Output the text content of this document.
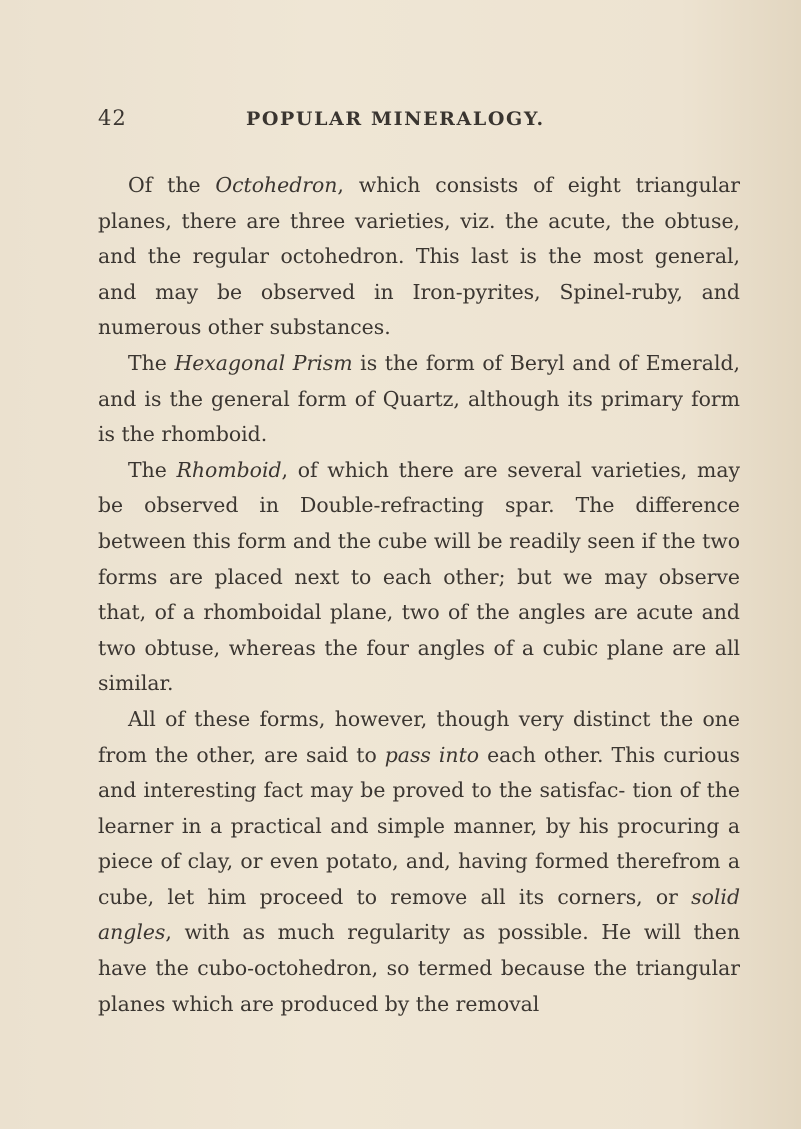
42	POPULAR MINERALOGY.

Of the Octohedron, which consists of eight triangular planes, there are three varieties, viz. the acute, the obtuse, and the regular octohedron. This last is the most general, and may be observed in Iron-pyrites, Spinel-ruby, and numerous other substances.

The Hexagonal Prism is the form of Beryl and of Emerald, and is the general form of Quartz, although its primary form is the rhomboid.

The Rhomboid, of which there are several varieties, may be observed in Double-refracting spar. The difference between this form and the cube will be readily seen if the two forms are placed next to each other; but we may observe that, of a rhomboidal plane, two of the angles are acute and two obtuse, whereas the four angles of a cubic plane are all similar.

All of these forms, however, though very distinct the one from the other, are said to pass into each other. This curious and interesting fact may be proved to the satisfac- tion of the learner in a practical and simple manner, by his procuring a piece of clay, or even potato, and, having formed therefrom a cube, let him proceed to remove all its corners, or solid angles, with as much regularity as possible. He will then have the cubo-octohedron, so termed because the triangular planes which are produced by the removal
